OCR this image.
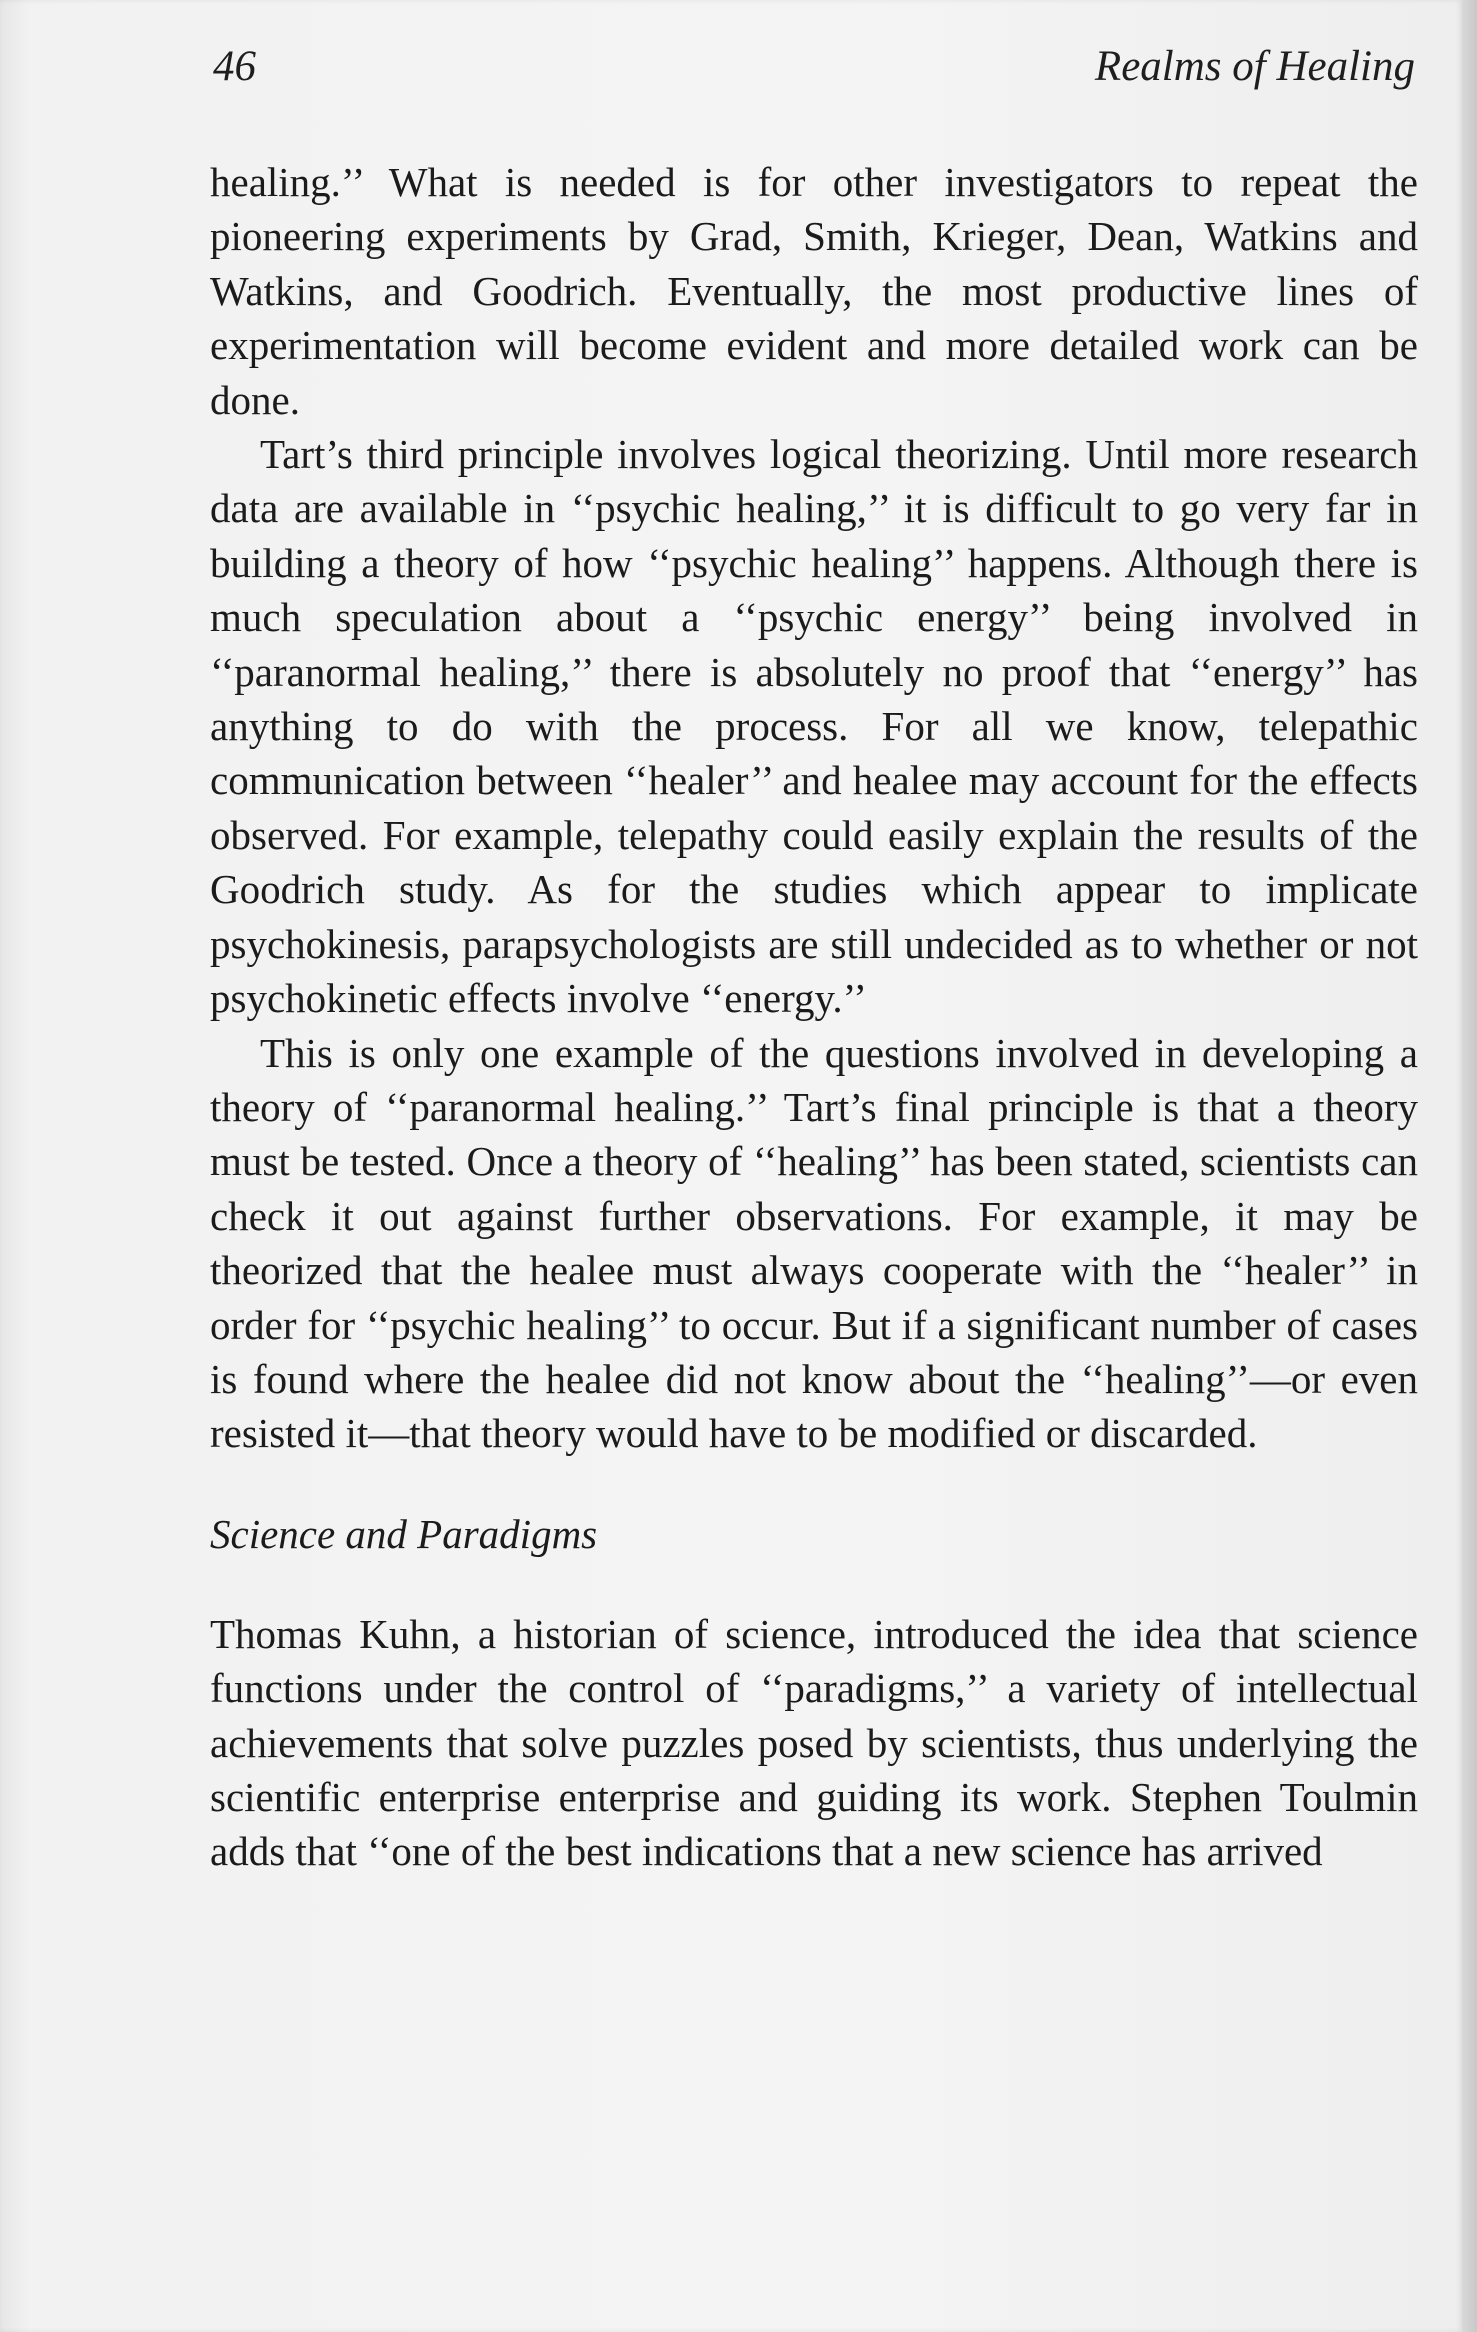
46	Realms of Healing

healing.’’ What is needed is for other investigators to repeat the pioneering experiments by Grad, Smith, Krieger, Dean, Watkins and Watkins, and Goodrich. Eventually, the most productive lines of experimentation will become evident and more detailed work can be done.

Tart’s third principle involves logical theorizing. Until more research data are available in ‘‘psychic healing,’’ it is difficult to go very far in building a theory of how ‘‘psychic healing’’ happens. Although there is much speculation about a ‘‘psychic energy’’ being involved in ‘‘paranormal healing,’’ there is absolutely no proof that ‘‘energy’’ has anything to do with the process. For all we know, telepathic communication between ‘‘healer’’ and healee may account for the effects observed. For example, telepathy could easily explain the results of the Goodrich study. As for the studies which appear to implicate psychokinesis, parapsychologists are still undecided as to whether or not psychokinetic effects involve ‘‘energy.’’

This is only one example of the questions involved in developing a theory of ‘‘paranormal healing.’’ Tart’s final principle is that a theory must be tested. Once a theory of ‘‘healing’’ has been stated, scientists can check it out against further observations. For example, it may be theorized that the healee must always cooperate with the ‘‘healer’’ in order for ‘‘psychic healing’’ to occur. But if a significant number of cases is found where the healee did not know about the ‘‘healing’’—or even resisted it—that theory would have to be modified or discarded.

Science and Paradigms

Thomas Kuhn, a historian of science, introduced the idea that science functions under the control of ‘‘paradigms,’’ a variety of intellectual achievements that solve puzzles posed by scientists, thus underlying the scientific enterprise enterprise and guiding its work. Stephen Toulmin adds that ‘‘one of the best indications that a new science has arrived
